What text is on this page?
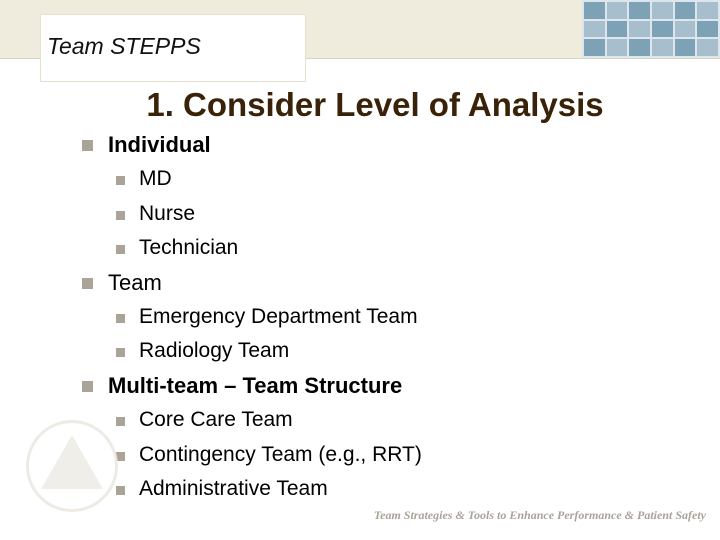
Team STEPPS
1. Consider Level of Analysis
Individual
MD
Nurse
Technician
Team
Emergency Department Team
Radiology Team
Multi-team – Team Structure
Core Care Team
Contingency Team (e.g., RRT)
Administrative Team
Team Strategies & Tools to Enhance Performance & Patient Safety
